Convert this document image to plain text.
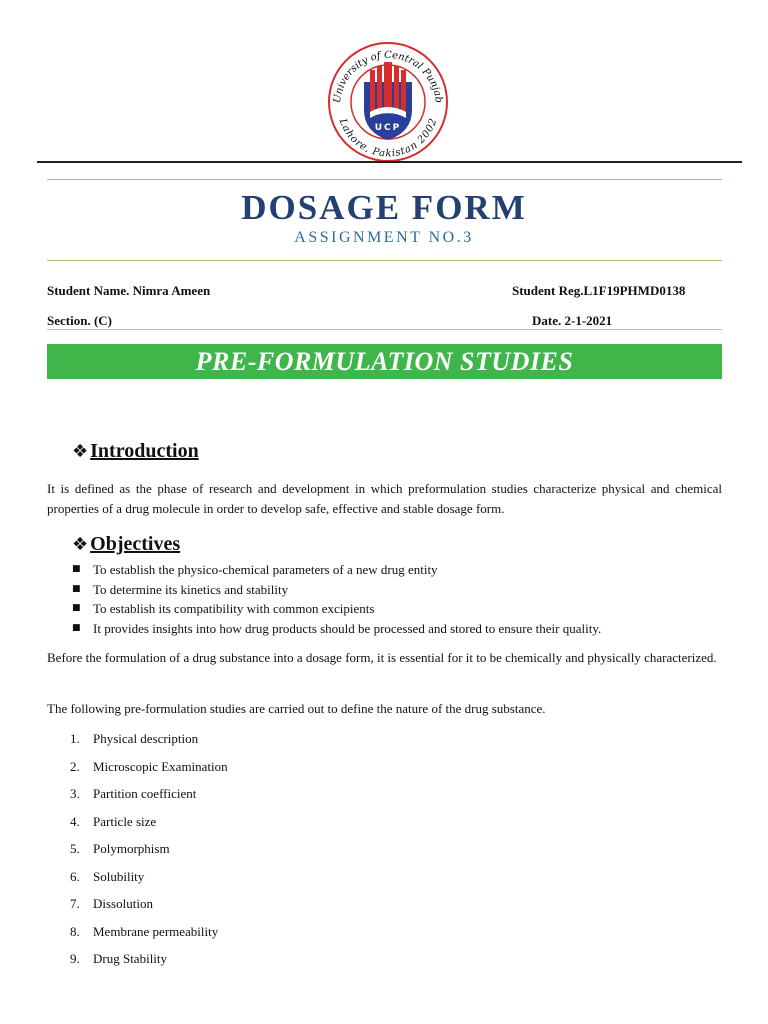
University of Central Punjab
Lahore, Pakistan 2002
UCP
DOSAGE FORM
ASSIGNMENT NO.3
Student Name. Nimra Ameen	Student Reg.L1F19PHMD0138
Section. (C)	Date. 2-1-2021
PRE-FORMULATION STUDIES
❖ Introduction
It is defined as the phase of research and development in which preformulation studies characterize physical and chemical properties of a drug molecule in order to develop safe, effective and stable dosage form.
❖ Objectives
■ To establish the physico-chemical parameters of a new drug entity
■ To determine its kinetics and stability
■ To establish its compatibility with common excipients
■ It provides insights into how drug products should be processed and stored to ensure their quality.
Before the formulation of a drug substance into a dosage form, it is essential for it to be chemically and physically characterized.
The following pre-formulation studies are carried out to define the nature of the drug substance.
1. Physical description
2. Microscopic Examination
3. Partition coefficient
4. Particle size
5. Polymorphism
6. Solubility
7. Dissolution
8. Membrane permeability
9. Drug Stability
